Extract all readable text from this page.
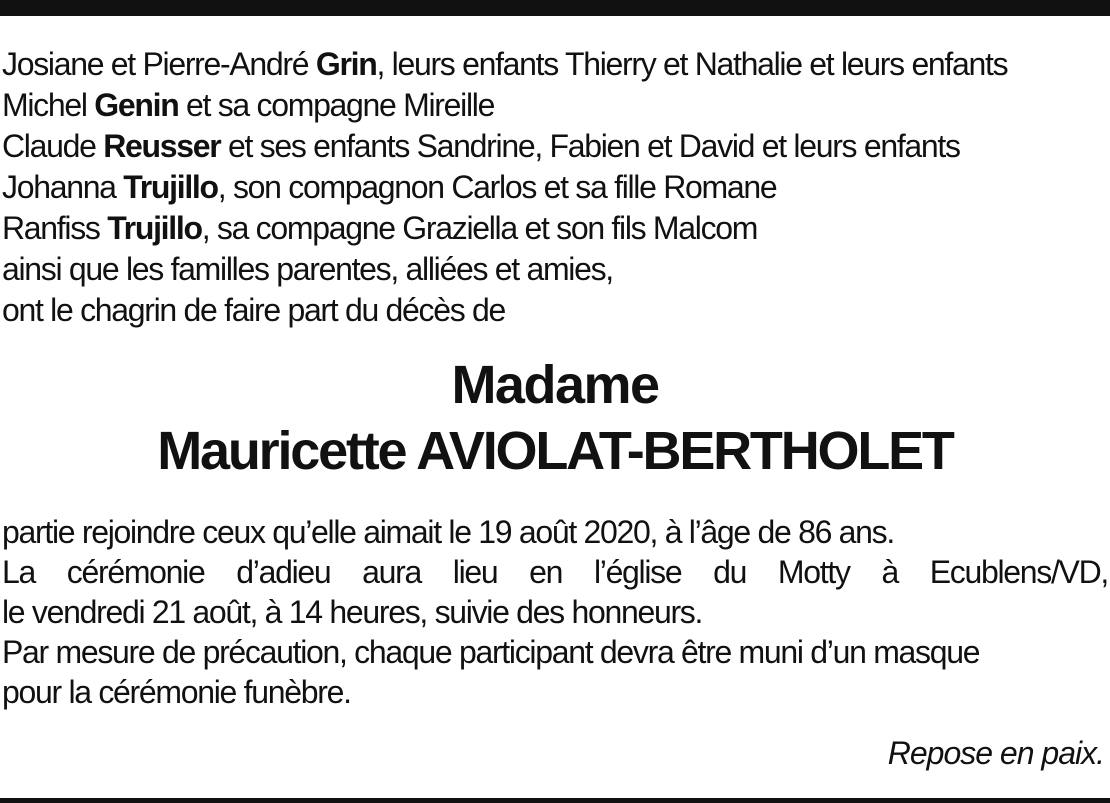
Josiane et Pierre-André Grin, leurs enfants Thierry et Nathalie et leurs enfants
Michel Genin et sa compagne Mireille
Claude Reusser et ses enfants Sandrine, Fabien et David et leurs enfants
Johanna Trujillo, son compagnon Carlos et sa fille Romane
Ranfiss Trujillo, sa compagne Graziella et son fils Malcom
ainsi que les familles parentes, alliées et amies,
ont le chagrin de faire part du décès de
Madame
Mauricette AVIOLAT-BERTHOLET
partie rejoindre ceux qu’elle aimait le 19 août 2020, à l’âge de 86 ans.
La cérémonie d’adieu aura lieu en l’église du Motty à Ecublens/VD,
le vendredi 21 août, à 14 heures, suivie des honneurs.
Par mesure de précaution, chaque participant devra être muni d’un masque
pour la cérémonie funèbre.
Repose en paix.
